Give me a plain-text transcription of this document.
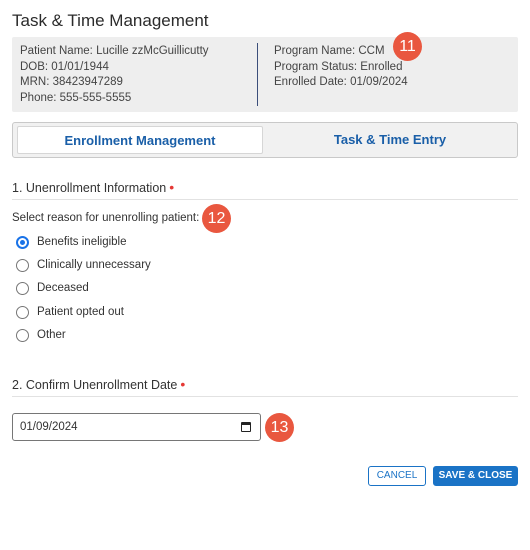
Task & Time Management
Patient Name: Lucille zzMcGuillicutty
DOB: 01/01/1944
MRN: 38423947289
Phone: 555-555-5555
Program Name: CCM
Program Status: Enrolled
Enrolled Date: 01/09/2024
11
Enrollment Management	Task & Time Entry
1. Unenrollment Information •
Select reason for unenrolling patient: 12
Benefits ineligible
Clinically unnecessary
Deceased
Patient opted out
Other
2. Confirm Unenrollment Date •
01/09/2024	13
CANCEL	SAVE & CLOSE
